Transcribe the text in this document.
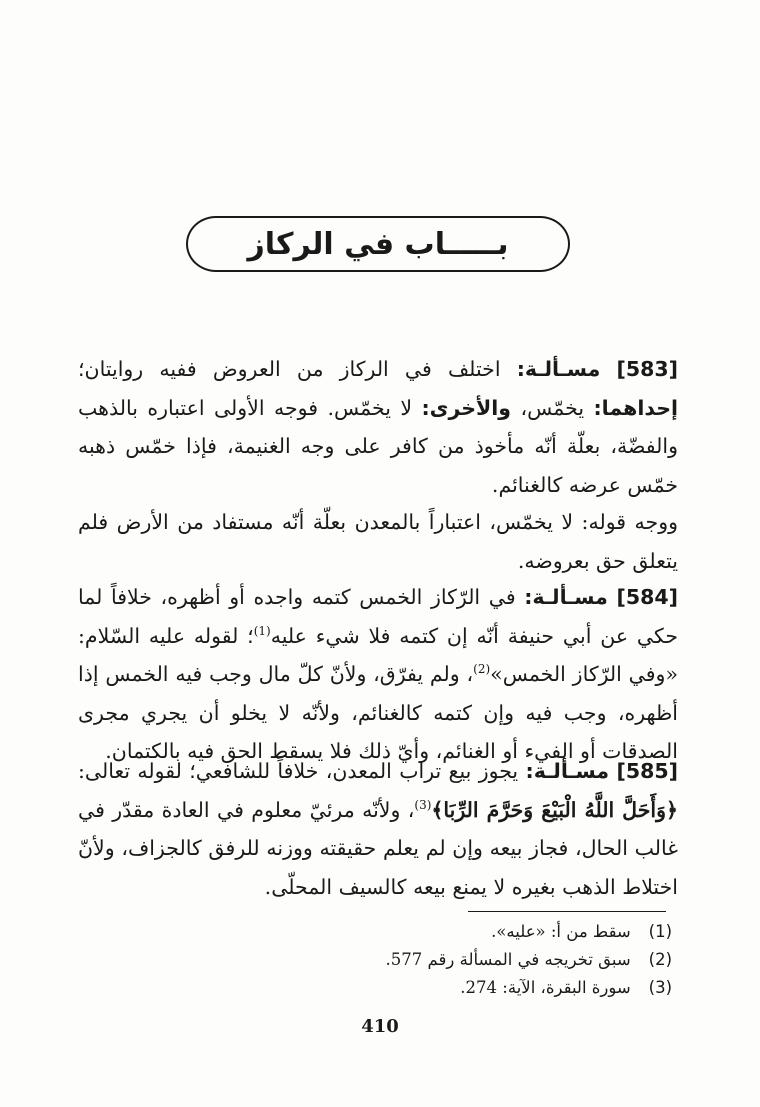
بـــــاب في الركاز

[583] مسـألـة: اختلف في الركاز من العروض ففيه روايتان؛ إحداهما: يخمّس، والأخرى: لا يخمّس. فوجه الأولى اعتباره بالذهب والفضّة، بعلّة أنّه مأخوذ من كافر على وجه الغنيمة، فإذا خمّس ذهبه خمّس عرضه كالغنائم.

ووجه قوله: لا يخمّس، اعتباراً بالمعدن بعلّة أنّه مستفاد من الأرض فلم يتعلق حق بعروضه.

[584] مسـألـة: في الرّكاز الخمس كتمه واجده أو أظهره، خلافاً لما حكي عن أبي حنيفة أنّه إن كتمه فلا شيء عليه$^{(1)}$؛ لقوله عليه السّلام: «وفي الرّكاز الخمس»$^{(2)}$، ولم يفرّق، ولأنّ كلّ مال وجب فيه الخمس إذا أظهره، وجب فيه وإن كتمه كالغنائم، ولأنّه لا يخلو أن يجري مجرى الصدقات أو الفيء أو الغنائم، وأيّ ذلك فلا يسقط الحق فيه بالكتمان.

[585] مسـألـة: يجوز بيع تراب المعدن، خلافاً للشافعي؛ لقوله تعالى: ﴿وَأَحَلَّ اللَّهُ الْبَيْعَ وَحَرَّمَ الرِّبَا﴾$^{(3)}$، ولأنّه مرئيّ معلوم في العادة مقدّر في غالب الحال، فجاز بيعه وإن لم يعلم حقيقته ووزنه للرفق كالجزاف، ولأنّ اختلاط الذهب بغيره لا يمنع بيعه كالسيف المحلّى.

(1) سقط من أ: «عليه».
(2) سبق تخريجه في المسألة رقم 577.
(3) سورة البقرة، الآية: 274.
410
